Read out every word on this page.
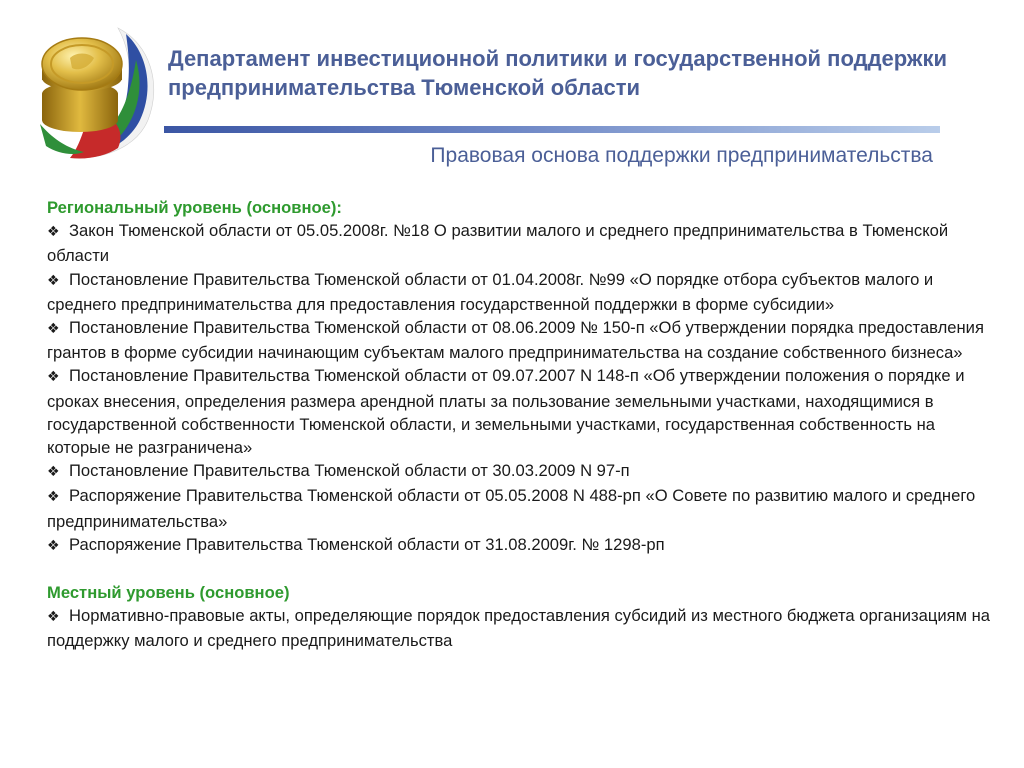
Департамент инвестиционной политики и государственной поддержки предпринимательства Тюменской области
Правовая основа поддержки предпринимательства

Региональный уровень (основное):

❖ Закон Тюменской области от 05.05.2008г. №18 О развитии малого и среднего предпринимательства в Тюменской области

❖ Постановление Правительства Тюменской области от 01.04.2008г. №99 «О порядке отбора субъектов малого и среднего предпринимательства для предоставления государственной поддержки в форме субсидии»

❖ Постановление Правительства Тюменской области от 08.06.2009 № 150-п «Об утверждении порядка предоставления грантов в форме субсидии начинающим субъектам малого предпринимательства на создание собственного бизнеса»

❖ Постановление Правительства Тюменской области от 09.07.2007 N 148-п «Об утверждении положения о порядке и сроках внесения, определения размера арендной платы за пользование земельными участками, находящимися в государственной собственности Тюменской области, и земельными участками, государственная собственность на которые не разграничена»

❖ Постановление Правительства Тюменской области от 30.03.2009 N 97-п

❖ Распоряжение Правительства Тюменской области от 05.05.2008 N 488-рп «О Совете по развитию малого и среднего предпринимательства»

❖ Распоряжение Правительства Тюменской области от 31.08.2009г. № 1298-рп

Местный уровень (основное)

❖ Нормативно-правовые акты, определяющие порядок предоставления субсидий из местного бюджета организациям на поддержку малого и среднего предпринимательства
